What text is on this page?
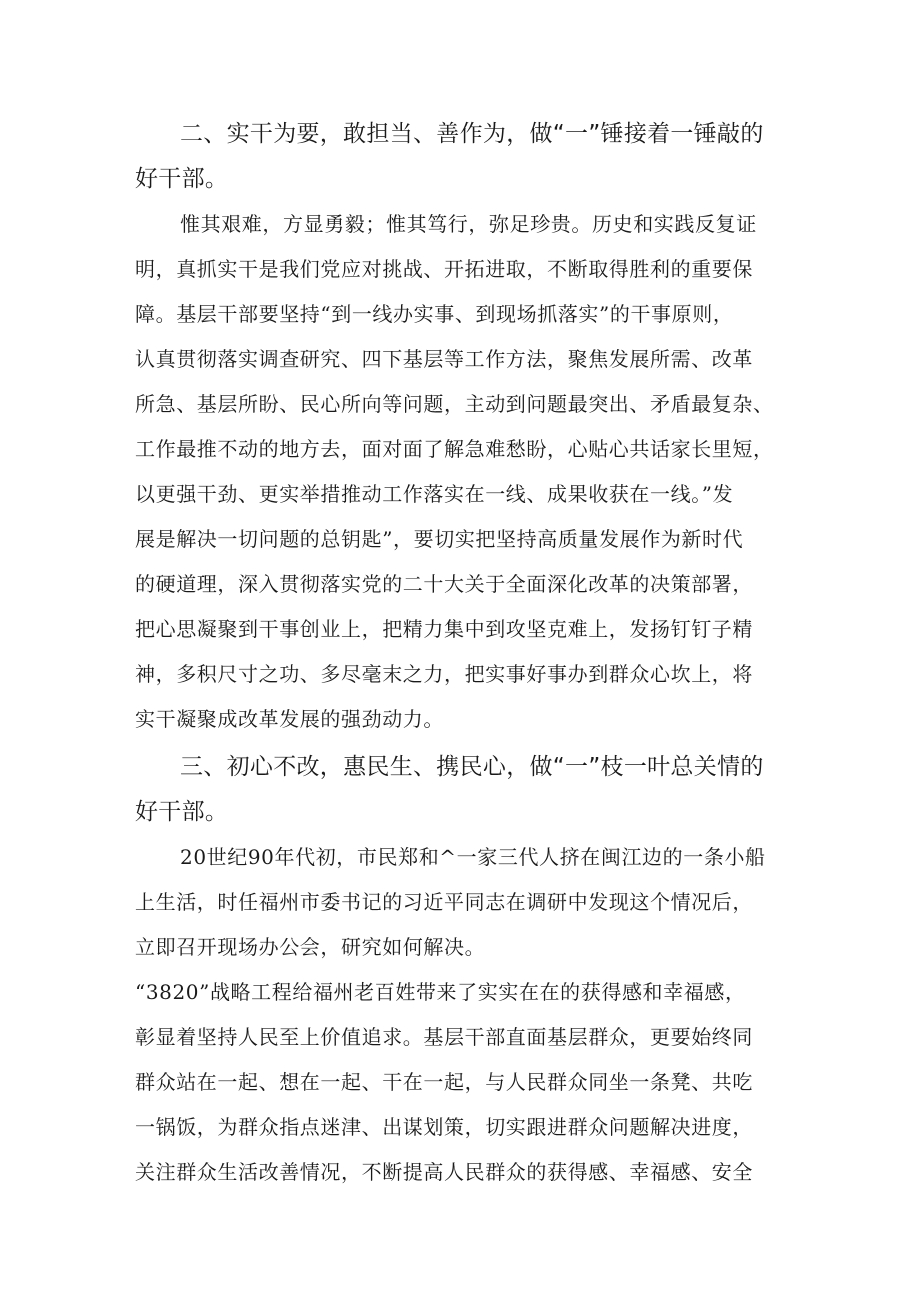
二、实干为要，敢担当、善作为，做“一”锤接着一锤敲的
好干部。
惟其艰难，方显勇毅；惟其笃行，弥足珍贵。历史和实践反复证
明，真抓实干是我们党应对挑战、开拓进取，不断取得胜利的重要保
障。基层干部要坚持“到一线办实事、到现场抓落实”的干事原则，
认真贯彻落实调查研究、四下基层等工作方法，聚焦发展所需、改革
所急、基层所盼、民心所向等问题，主动到问题最突出、矛盾最复杂、
工作最推不动的地方去，面对面了解急难愁盼，心贴心共话家长里短，
以更强干劲、更实举措推动工作落实在一线、成果收获在一线。”发
展是解决一切问题的总钥匙”，要切实把坚持高质量发展作为新时代
的硬道理，深入贯彻落实党的二十大关于全面深化改革的决策部署，
把心思凝聚到干事创业上，把精力集中到攻坚克难上，发扬钉钉子精
神，多积尺寸之功、多尽毫末之力，把实事好事办到群众心坎上，将
实干凝聚成改革发展的强劲动力。
三、初心不改，惠民生、携民心，做“一”枝一叶总关情的
好干部。
20世纪90年代初，市民郑和^一家三代人挤在闽江边的一条小船
上生活，时任福州市委书记的习近平同志在调研中发现这个情况后，
立即召开现场办公会，研究如何解决。
“3820”战略工程给福州老百姓带来了实实在在的获得感和幸福感，
彰显着坚持人民至上价值追求。基层干部直面基层群众，更要始终同
群众站在一起、想在一起、干在一起，与人民群众同坐一条凳、共吃
一锅饭，为群众指点迷津、出谋划策，切实跟进群众问题解决进度，
关注群众生活改善情况，不断提高人民群众的获得感、幸福感、安全
